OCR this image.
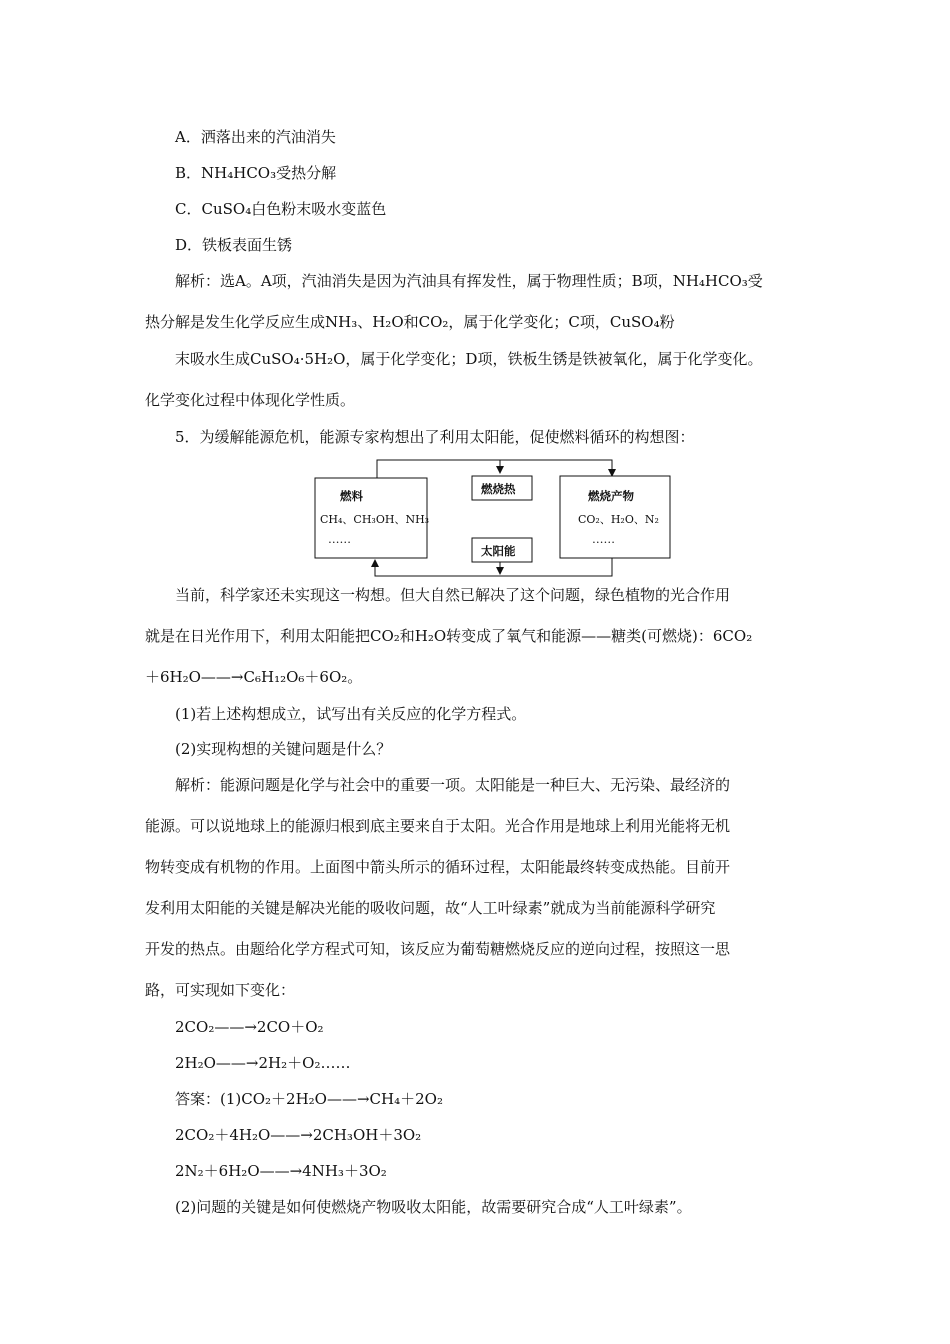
A．洒落出来的汽油消失
B．NH₄HCO₃受热分解
C．CuSO₄白色粉末吸水变蓝色
D．铁板表面生锈
解析：选A。A项，汽油消失是因为汽油具有挥发性，属于物理性质；B项，NH₄HCO₃受
热分解是发生化学反应生成NH₃、H₂O和CO₂，属于化学变化；C项，CuSO₄粉
末吸水生成CuSO₄·5H₂O，属于化学变化；D项，铁板生锈是铁被氧化，属于化学变化。
化学变化过程中体现化学性质。
5．为缓解能源危机，能源专家构想出了利用太阳能，促使燃料循环的构想图：
燃料
CH₄、CH₃OH、NH₃
……
燃烧热
太阳能
燃烧产物
CO₂、H₂O、N₂
……
当前，科学家还未实现这一构想。但大自然已解决了这个问题，绿色植物的光合作用
就是在日光作用下，利用太阳能把CO₂和H₂O转变成了氧气和能源——糖类(可燃烧)：6CO₂
＋6H₂O——→C₆H₁₂O₆＋6O₂。
(1)若上述构想成立，试写出有关反应的化学方程式。
(2)实现构想的关键问题是什么？
解析：能源问题是化学与社会中的重要一项。太阳能是一种巨大、无污染、最经济的
能源。可以说地球上的能源归根到底主要来自于太阳。光合作用是地球上利用光能将无机
物转变成有机物的作用。上面图中箭头所示的循环过程，太阳能最终转变成热能。目前开
发利用太阳能的关键是解决光能的吸收问题，故“人工叶绿素”就成为当前能源科学研究
开发的热点。由题给化学方程式可知，该反应为葡萄糖燃烧反应的逆向过程，按照这一思
路，可实现如下变化：
2CO₂——→2CO＋O₂
2H₂O——→2H₂＋O₂……
答案：(1)CO₂＋2H₂O——→CH₄＋2O₂
2CO₂＋4H₂O——→2CH₃OH＋3O₂
2N₂＋6H₂O——→4NH₃＋3O₂
(2)问题的关键是如何使燃烧产物吸收太阳能，故需要研究合成“人工叶绿素”。
